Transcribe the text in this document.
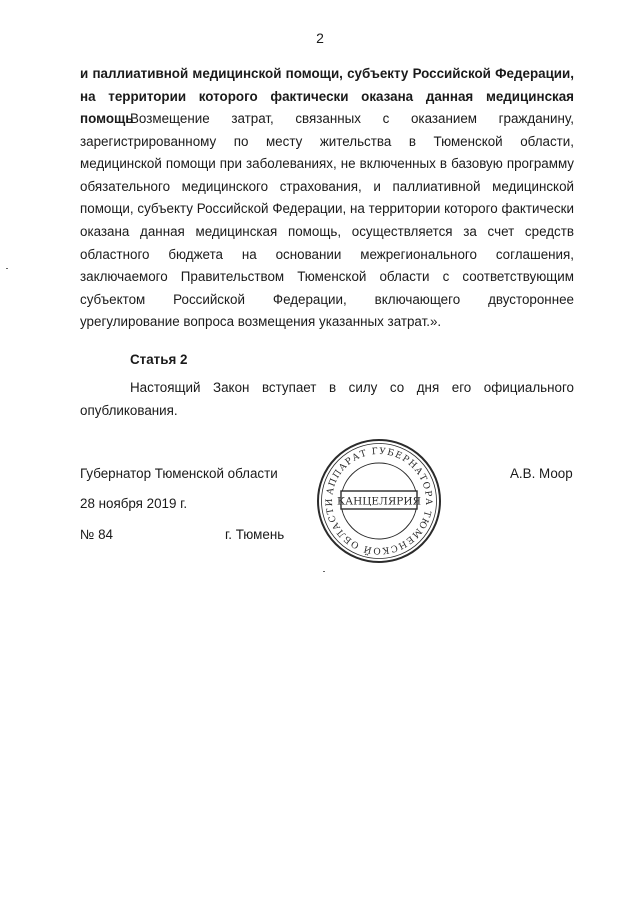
2
и паллиативной медицинской помощи, субъекту Российской Федерации,
на территории которого фактически оказана данная медицинская помощь

Возмещение затрат, связанных с оказанием гражданину, зарегистрированному по месту жительства в Тюменской области, медицинской помощи при заболеваниях, не включенных в базовую программу обязательного медицинского страхования, и паллиативной медицинской помощи, субъекту Российской Федерации, на территории которого фактически оказана данная медицинская помощь, осуществляется за счет средств областного бюджета на основании межрегионального соглашения, заключаемого Правительством Тюменской области с соответствующим субъектом Российской Федерации, включающего двустороннее урегулирование вопроса возмещения указанных затрат.».

Статья 2

Настоящий Закон вступает в силу со дня его официального опубликования.

Губернатор Тюменской области	А.В. Моор
28 ноября 2019 г.
№ 84	г. Тюмень
АППАРАТ ГУБЕРНАТОРА ТЮМЕНСКОЙ ОБЛАСТИ КАНЦЕЛЯРИЯ
